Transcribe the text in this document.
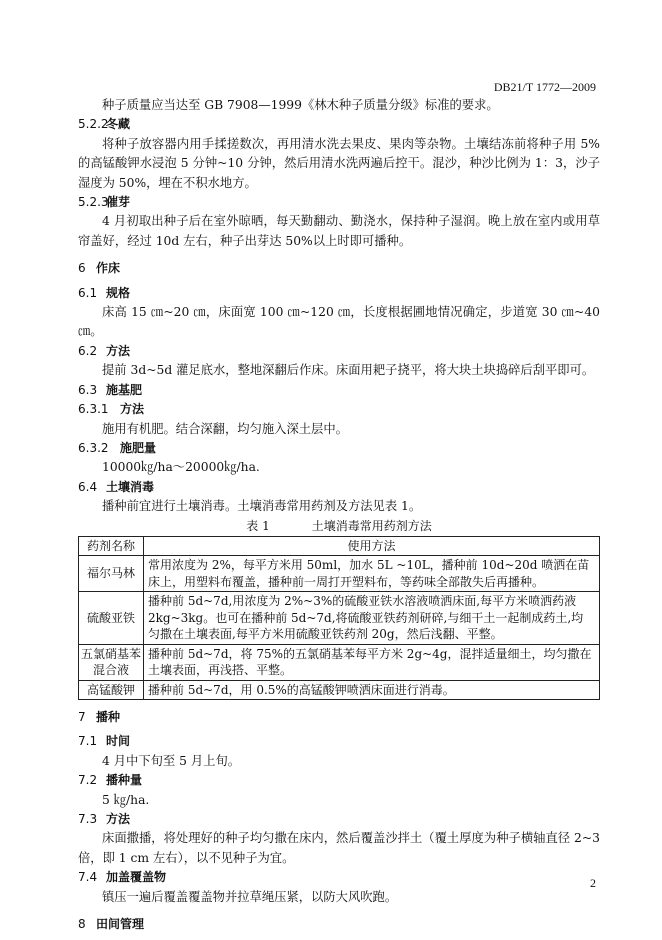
DB21/T 1772—2009

种子质量应当达至 GB 7908—1999《林木种子质量分级》标准的要求。

5.2.2冬藏

将种子放容器内用手揉搓数次，再用清水洗去果皮、果肉等杂物。土壤结冻前将种子用 5%的高锰酸钾水浸泡 5 分钟~10 分钟，然后用清水洗两遍后控干。混沙，种沙比例为 1：3，沙子湿度为 50%，埋在不积水地方。

5.2.3催芽

4 月初取出种子后在室外晾晒，每天勤翻动、勤浇水，保持种子湿润。晚上放在室内或用草帘盖好，经过 10d 左右，种子出芽达 50%以上时即可播种。

6 作床
6.1 规格

床高 15 ㎝~20 ㎝，床面宽 100 ㎝~120 ㎝，长度根据圃地情况确定，步道宽 30 ㎝~40 ㎝。

6.2 方法

提前 3d~5d 灌足底水，整地深翻后作床。床面用耙子挠平，将大块土块捣碎后刮平即可。

6.3 施基肥
6.3.1 方法

施用有机肥。结合深翻，均匀施入深土层中。

6.3.2 施肥量

10000㎏/ha～20000㎏/ha.

6.4 土壤消毒

播种前宜进行土壤消毒。土壤消毒常用药剂及方法见表 1。

表 1	土壤消毒常用药剂方法
药剂名称	使用方法
福尔马林	常用浓度为 2%，每平方米用 50ml，加水 5L ~10L，播种前 10d~20d 喷洒在苗床上，用塑料布覆盖，播种前一周打开塑料布，等药味全部散失后再播种。
硫酸亚铁	播种前 5d~7d,用浓度为 2%~3%的硫酸亚铁水溶液喷洒床面,每平方米喷洒药液 2kg~3kg。也可在播种前 5d~7d,将硫酸亚铁药剂研碎,与细干土一起制成药土,均匀撒在土壤表面,每平方米用硫酸亚铁药剂 20g，然后浅翻、平整。
五氯硝基苯混合液	播种前 5d~7d，将 75%的五氯硝基苯每平方米 2g~4g，混拌适量细土，均匀撒在土壤表面，再浅搭、平整。
高锰酸钾	播种前 5d~7d，用 0.5%的高锰酸钾喷洒床面进行消毒。
7 播种
7.1 时间

4 月中下旬至 5 月上旬。

7.2 播种量

5 ㎏/ha.

7.3 方法

床面撒播，将处理好的种子均匀撒在床内，然后覆盖沙拌土（覆土厚度为种子横轴直径 2~3 倍，即 1 cm 左右），以不见种子为宜。

7.4 加盖覆盖物

镇压一遍后覆盖覆盖物并拉草绳压紧，以防大风吹跑。

8 田间管理
2
